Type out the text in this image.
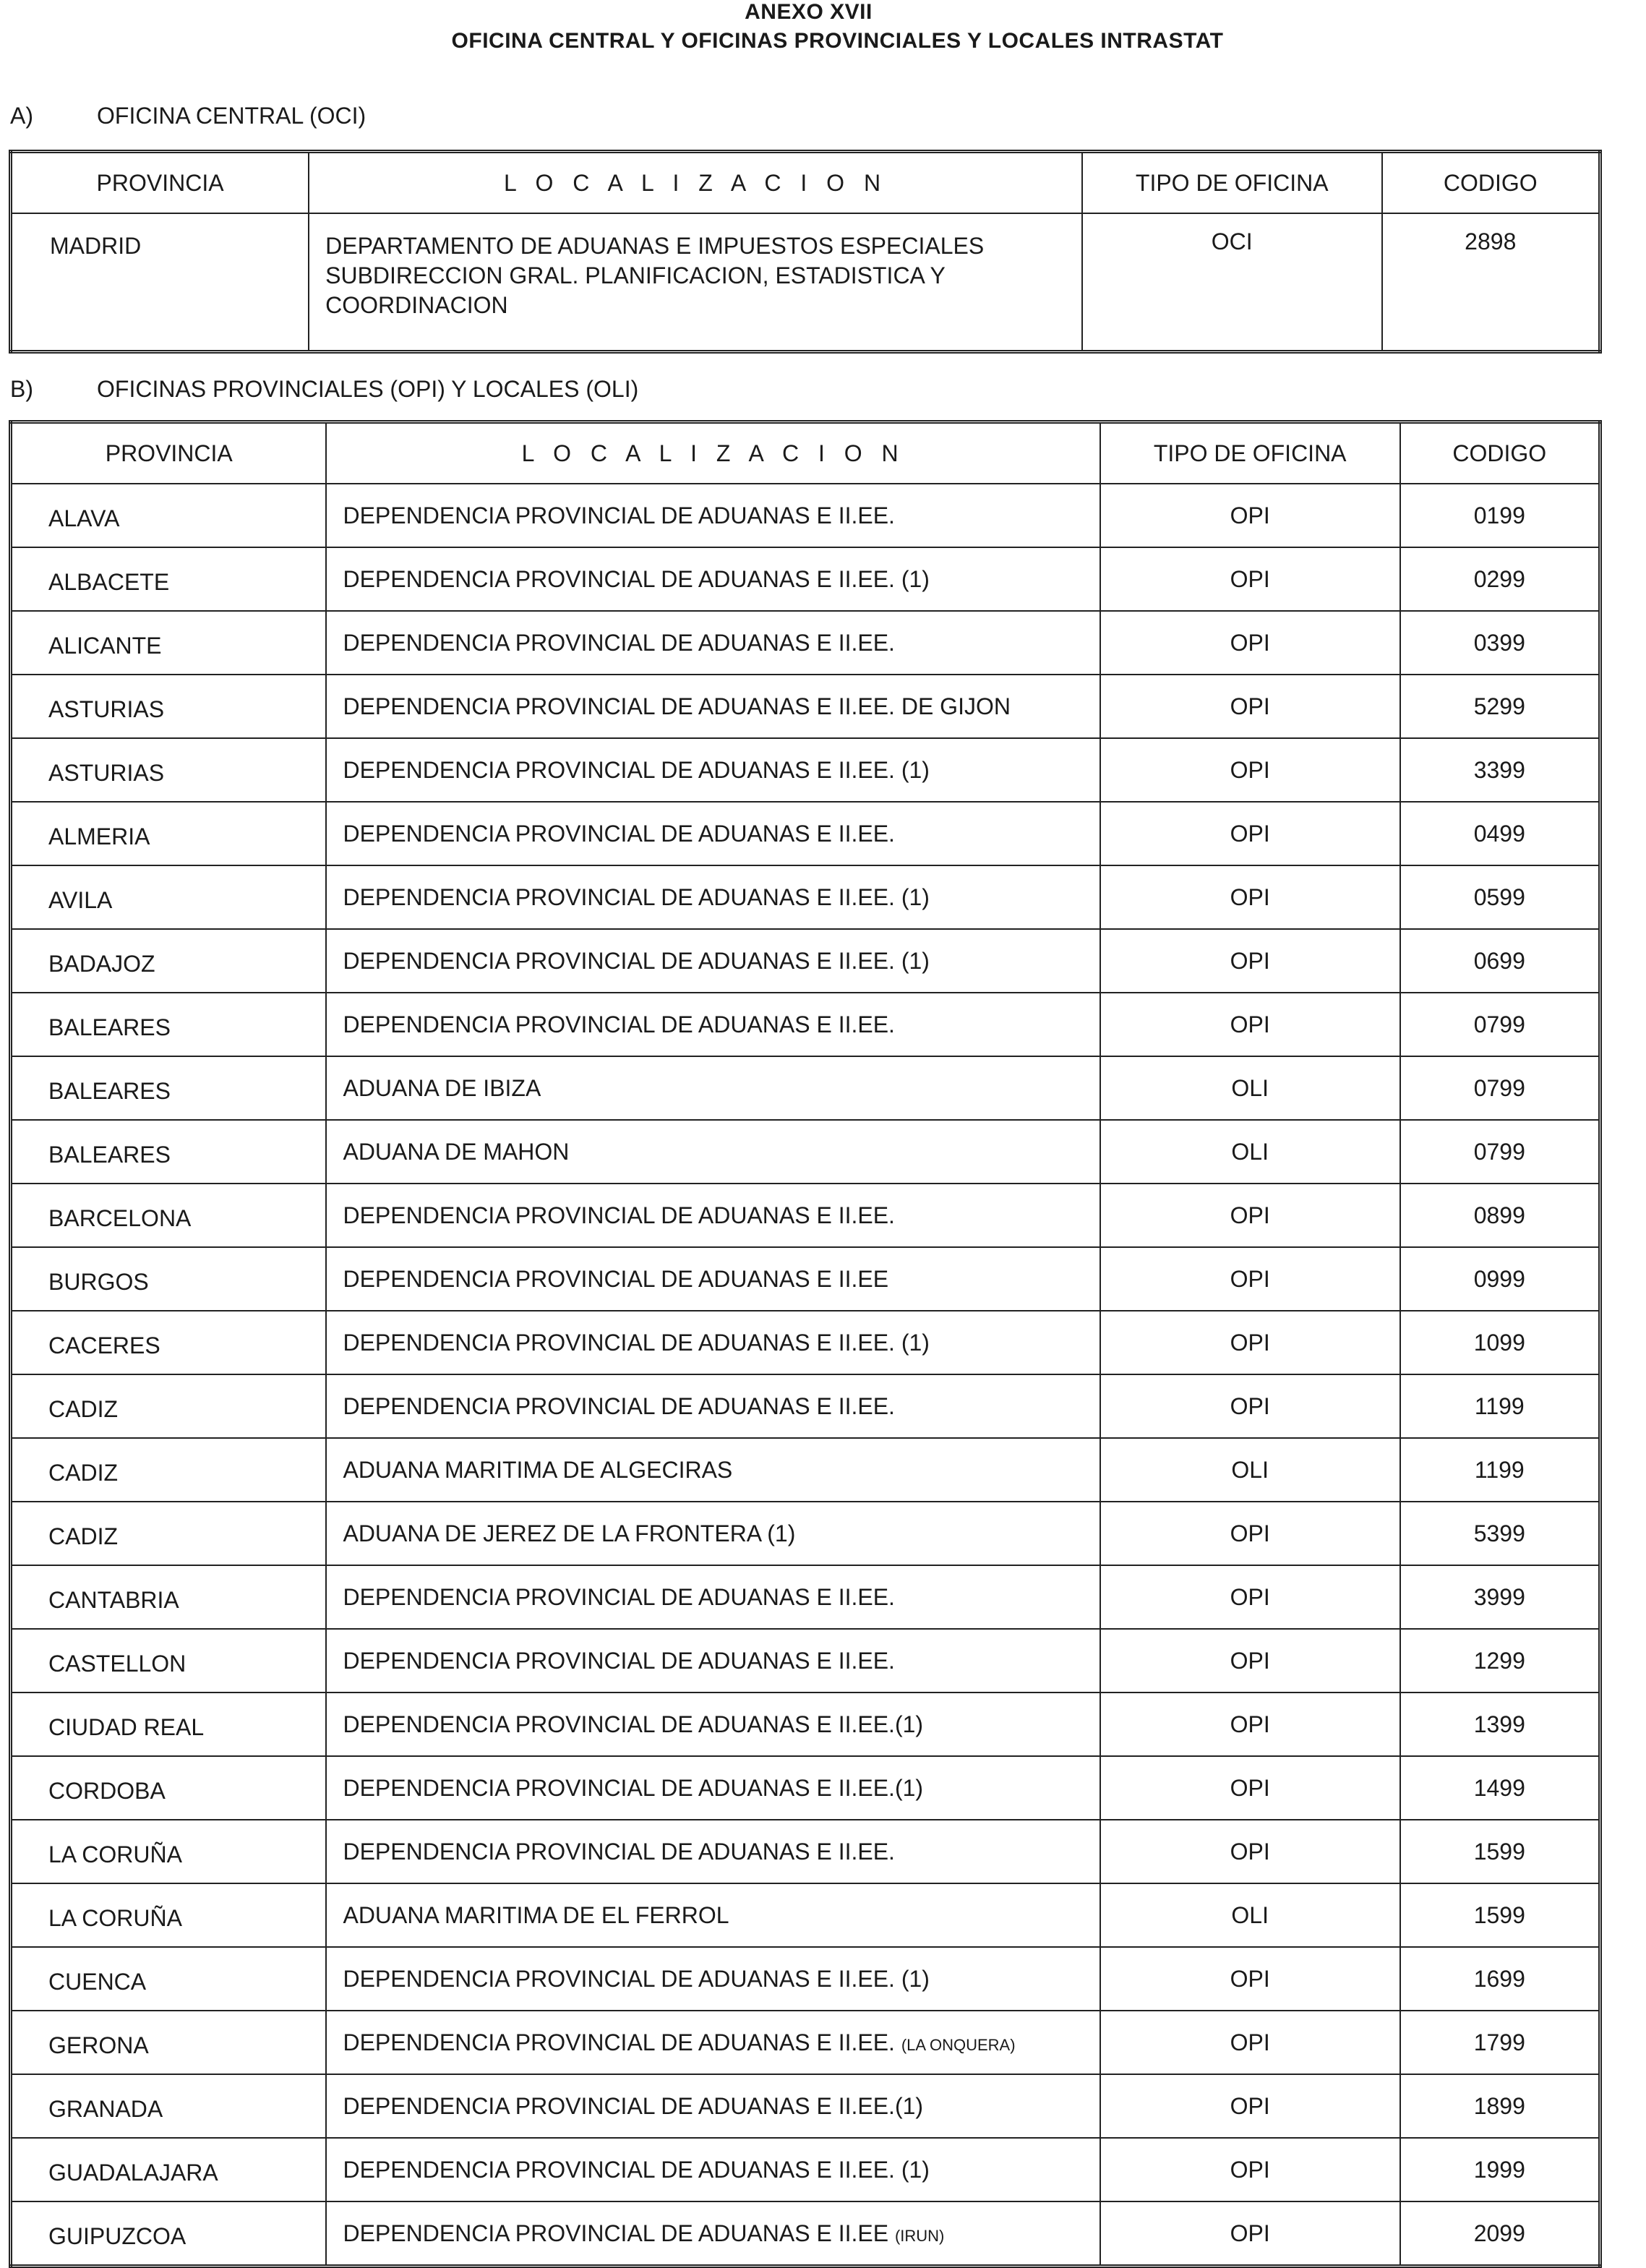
ANEXO XVII
OFICINA CENTRAL Y OFICINAS PROVINCIALES Y LOCALES INTRASTAT
A)	OFICINA CENTRAL (OCI)
PROVINCIA	L O C A L I Z A C I O N	TIPO DE OFICINA	CODIGO
MADRID	DEPARTAMENTO DE ADUANAS E IMPUESTOS ESPECIALES
SUBDIRECCION GRAL. PLANIFICACION, ESTADISTICA Y
COORDINACION	OCI	2898
B)	OFICINAS PROVINCIALES (OPI) Y LOCALES (OLI)
PROVINCIA	L O C A L I Z A C I O N	TIPO DE OFICINA	CODIGO
ALAVA	DEPENDENCIA PROVINCIAL DE ADUANAS E II.EE.	OPI	0199
ALBACETE	DEPENDENCIA PROVINCIAL DE ADUANAS E II.EE. (1)	OPI	0299
ALICANTE	DEPENDENCIA PROVINCIAL DE ADUANAS E II.EE.	OPI	0399
ASTURIAS	DEPENDENCIA PROVINCIAL DE ADUANAS E II.EE. DE GIJON	OPI	5299
ASTURIAS	DEPENDENCIA PROVINCIAL DE ADUANAS E II.EE. (1)	OPI	3399
ALMERIA	DEPENDENCIA PROVINCIAL DE ADUANAS E II.EE.	OPI	0499
AVILA	DEPENDENCIA PROVINCIAL DE ADUANAS E II.EE. (1)	OPI	0599
BADAJOZ	DEPENDENCIA PROVINCIAL DE ADUANAS E II.EE. (1)	OPI	0699
BALEARES	DEPENDENCIA PROVINCIAL DE ADUANAS E II.EE.	OPI	0799
BALEARES	ADUANA DE IBIZA	OLI	0799
BALEARES	ADUANA DE MAHON	OLI	0799
BARCELONA	DEPENDENCIA PROVINCIAL DE ADUANAS E II.EE.	OPI	0899
BURGOS	DEPENDENCIA PROVINCIAL DE ADUANAS E II.EE	OPI	0999
CACERES	DEPENDENCIA PROVINCIAL DE ADUANAS E II.EE. (1)	OPI	1099
CADIZ	DEPENDENCIA PROVINCIAL DE ADUANAS E II.EE.	OPI	1199
CADIZ	ADUANA MARITIMA DE ALGECIRAS	OLI	1199
CADIZ	ADUANA DE JEREZ DE LA FRONTERA (1)	OPI	5399
CANTABRIA	DEPENDENCIA PROVINCIAL DE ADUANAS E II.EE.	OPI	3999
CASTELLON	DEPENDENCIA PROVINCIAL DE ADUANAS E II.EE.	OPI	1299
CIUDAD REAL	DEPENDENCIA PROVINCIAL DE ADUANAS E II.EE.(1)	OPI	1399
CORDOBA	DEPENDENCIA PROVINCIAL DE ADUANAS E II.EE.(1)	OPI	1499
LA CORUÑA	DEPENDENCIA PROVINCIAL DE ADUANAS E II.EE.	OPI	1599
LA CORUÑA	ADUANA MARITIMA DE EL FERROL	OLI	1599
CUENCA	DEPENDENCIA PROVINCIAL DE ADUANAS E II.EE. (1)	OPI	1699
GERONA	DEPENDENCIA PROVINCIAL DE ADUANAS E II.EE. (LA ONQUERA)	OPI	1799
GRANADA	DEPENDENCIA PROVINCIAL DE ADUANAS E II.EE.(1)	OPI	1899
GUADALAJARA	DEPENDENCIA PROVINCIAL DE ADUANAS E II.EE. (1)	OPI	1999
GUIPUZCOA	DEPENDENCIA PROVINCIAL DE ADUANAS E II.EE (IRUN)	OPI	2099
